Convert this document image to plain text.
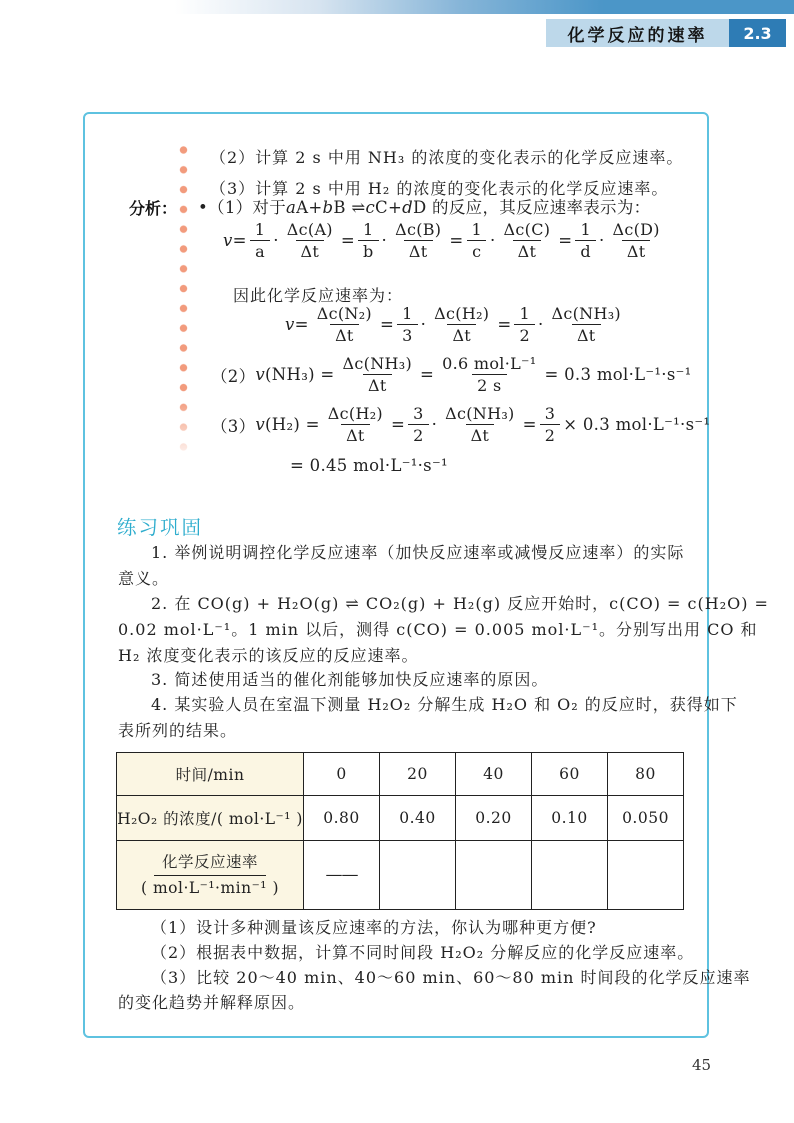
化学反应的速率	2.3
分析：
（2）计算 2 s 中用 NH₃ 的浓度的变化表示的化学反应速率。
（3）计算 2 s 中用 H₂ 的浓度的变化表示的化学反应速率。
•（1）对于 a A+ b B ⇌ c C+ d D 的反应，其反应速率表示为：
$v = \frac{1}{a} \cdot \frac{\Delta c(A)}{\Delta t} = \frac{1}{b} \cdot \frac{\Delta c(B)}{\Delta t} = \frac{1}{c} \cdot \frac{\Delta c(C)}{\Delta t} = \frac{1}{d} \cdot \frac{\Delta c(D)}{\Delta t}$
因此化学反应速率为：
$v = \frac{\text{Δc(N₂)}}{\Delta t} = \frac{1}{3} \cdot \frac{\text{Δc(H₂)}}{\Delta t} = \frac{1}{2} \cdot \frac{\text{Δc(NH₃)}}{\Delta t}$
（2） v $(NH_3) = \frac{\text{Δc(NH₃)}}{\Delta t} = \frac{\text{0.6 mol·L⁻¹}}{2 s} = 0.3$ mol·L⁻¹·s⁻¹
（3） v $(H_2) = \frac{\text{Δc(H₂)}}{\Delta t} = \frac{3}{2} \cdot \frac{\text{Δc(NH₃)}}{\Delta t} = \frac{3}{2} \times 0.3$ mol·L⁻¹·s⁻¹
= 0.45 mol·L⁻¹·s⁻¹
练习巩固
1. 举例说明调控化学反应速率（加快反应速率或减慢反应速率）的实际
意义。
2. 在 CO(g) + H₂O(g) ⇌ CO₂(g) + H₂(g) 反应开始时，c(CO) = c(H₂O) =
0.02 mol·L⁻¹。1 min 以后，测得 c(CO) = 0.005 mol·L⁻¹。分别写出用 CO 和
H₂ 浓度变化表示的该反应的反应速率。
3. 简述使用适当的催化剂能够加快反应速率的原因。
4. 某实验人员在室温下测量 H₂O₂ 分解生成 H₂O 和 O₂ 的反应时，获得如下
表所列的结果。
时间/min	0	20	40	60	80
H₂O₂ 的浓度/( mol·L⁻¹ )	0.80	0.40	0.20	0.10	0.050

化学反应速率
( mol·L⁻¹·min⁻¹ )	——				
（1）设计多种测量该反应速率的方法，你认为哪种更方便?
（2）根据表中数据，计算不同时间段 H₂O₂ 分解反应的化学反应速率。
（3）比较 20～40 min、40～60 min、60～80 min 时间段的化学反应速率
的变化趋势并解释原因。
45
